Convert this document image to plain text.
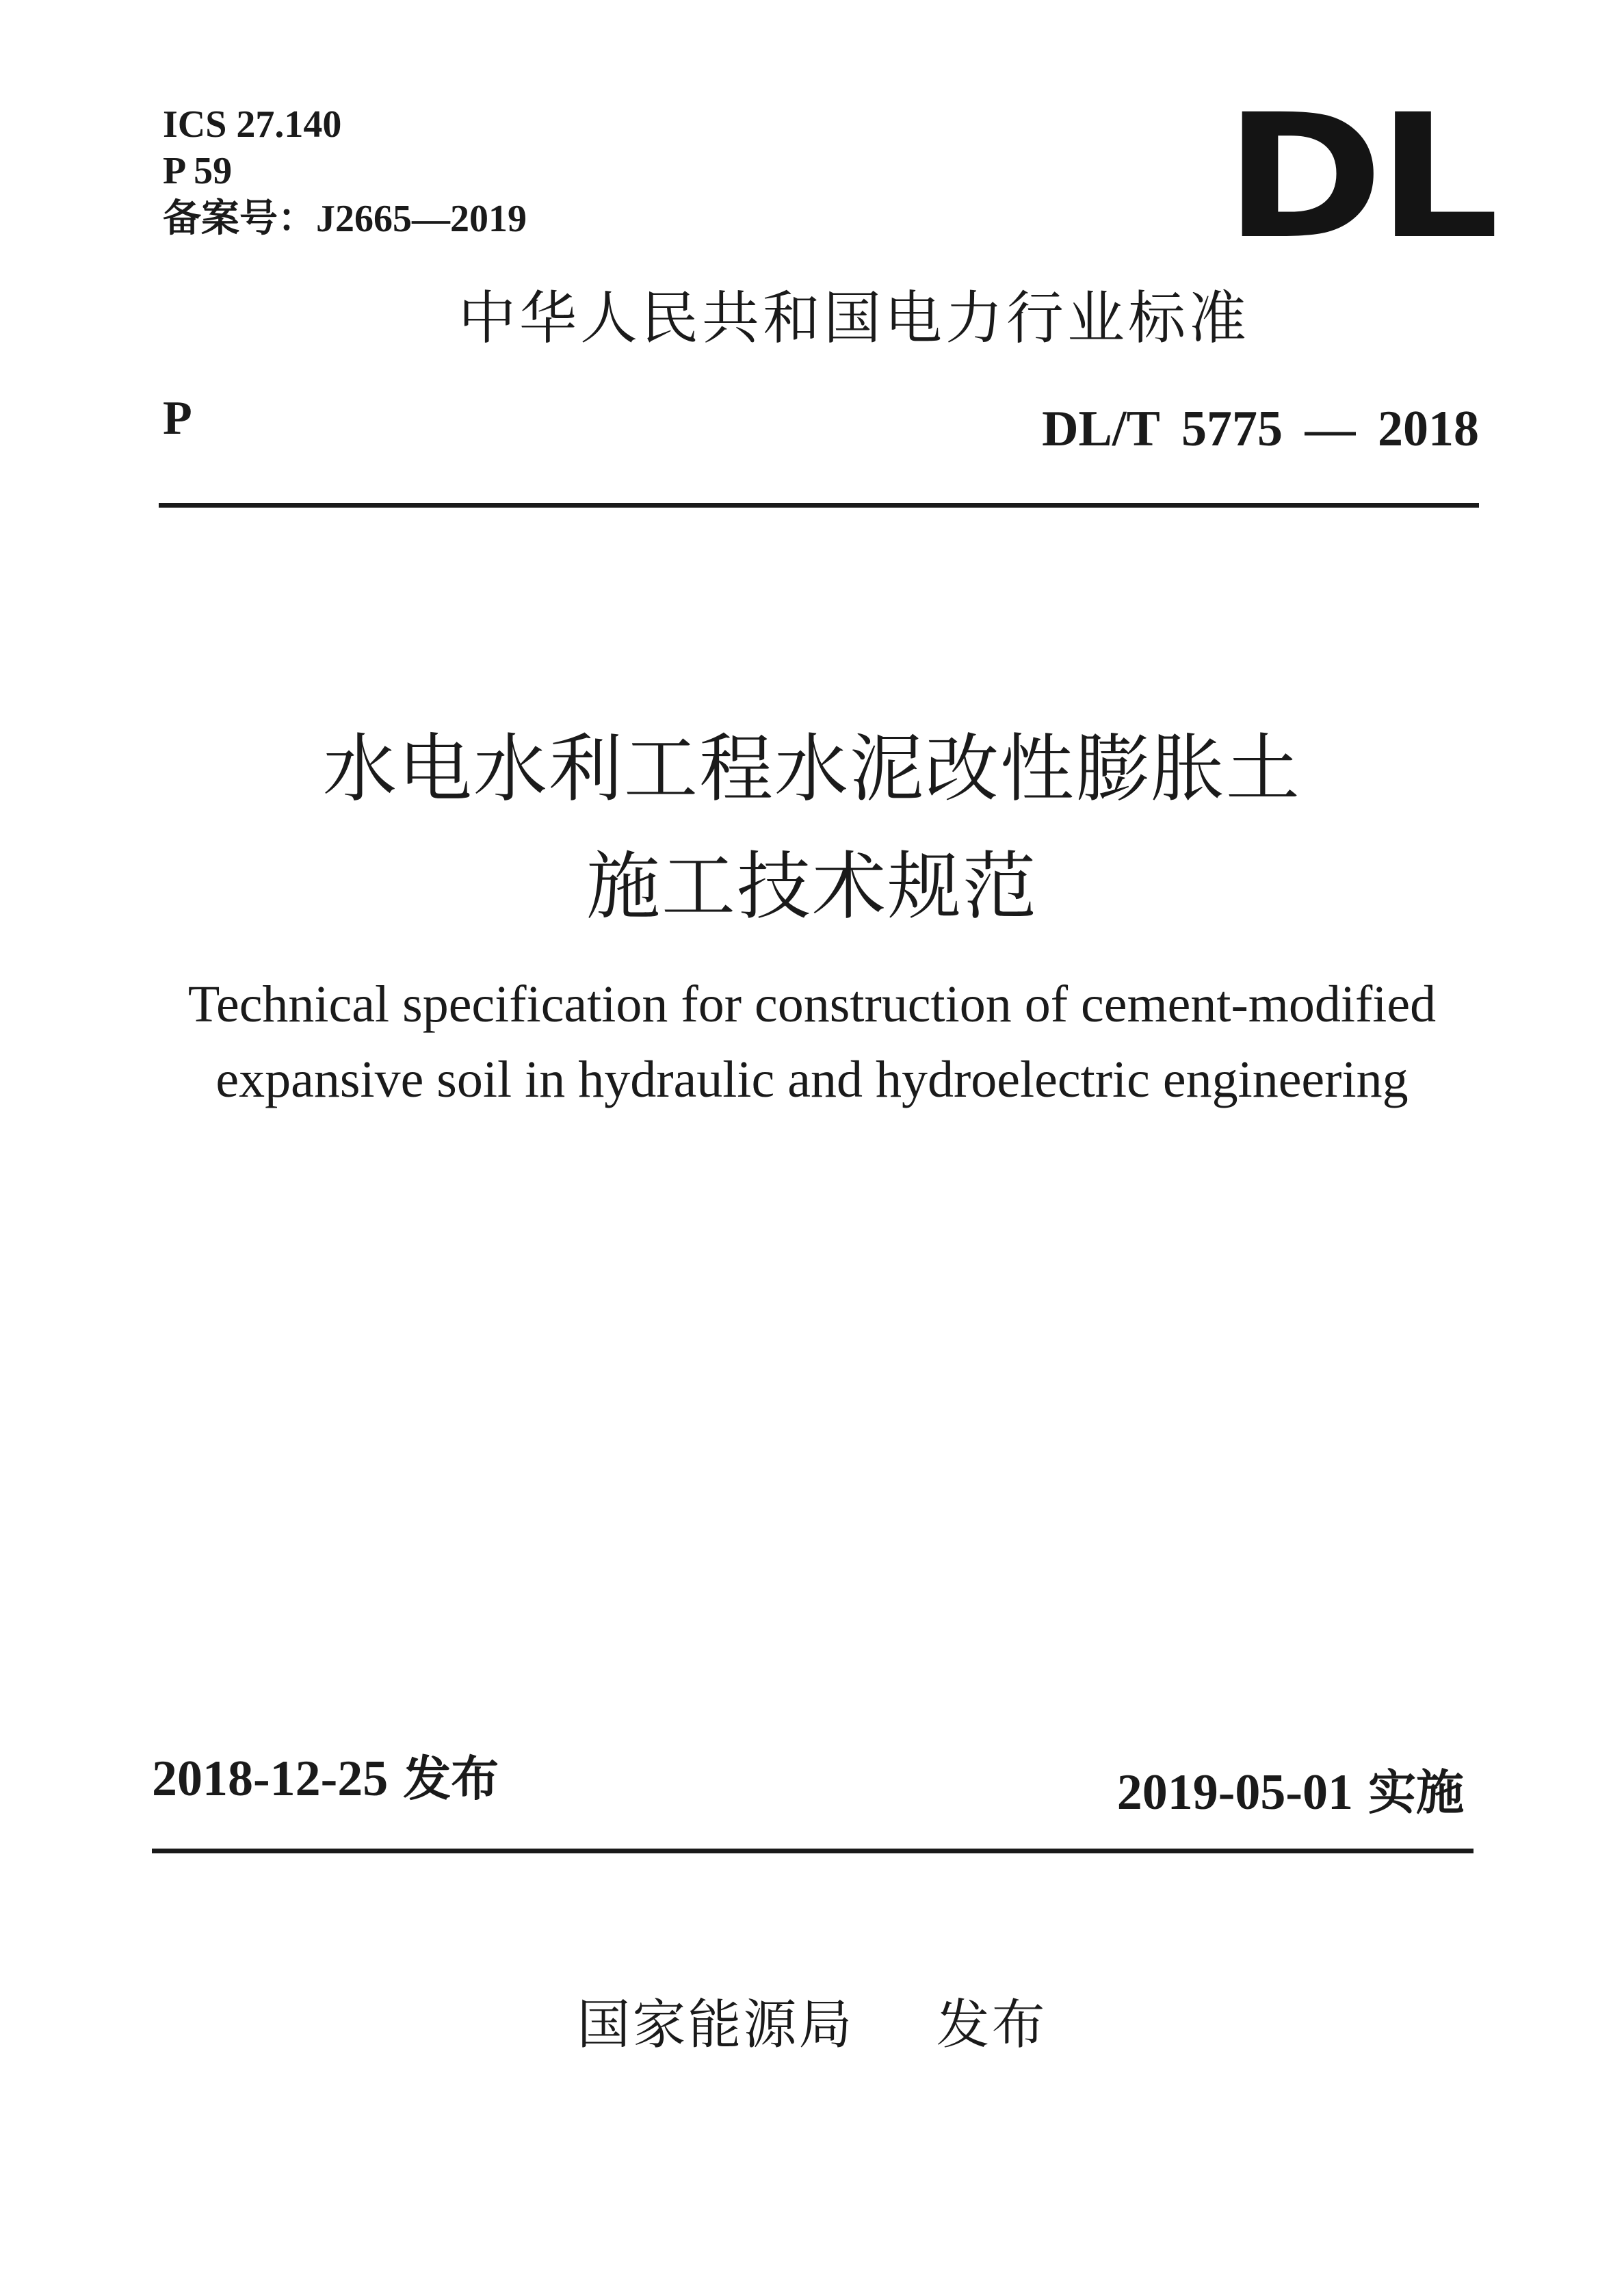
ICS 27.140
P 59
备案号：J2665—2019	DL
中华人民共和国电力行业标准
P	DL/T 5775 — 2018
水电水利工程水泥改性膨胀土
施工技术规范
Technical specification for construction of cement-modified
expansive soil in hydraulic and hydroelectric engineering
2018-12-25 发布	2019-05-01 实施
国家能源局 发布
